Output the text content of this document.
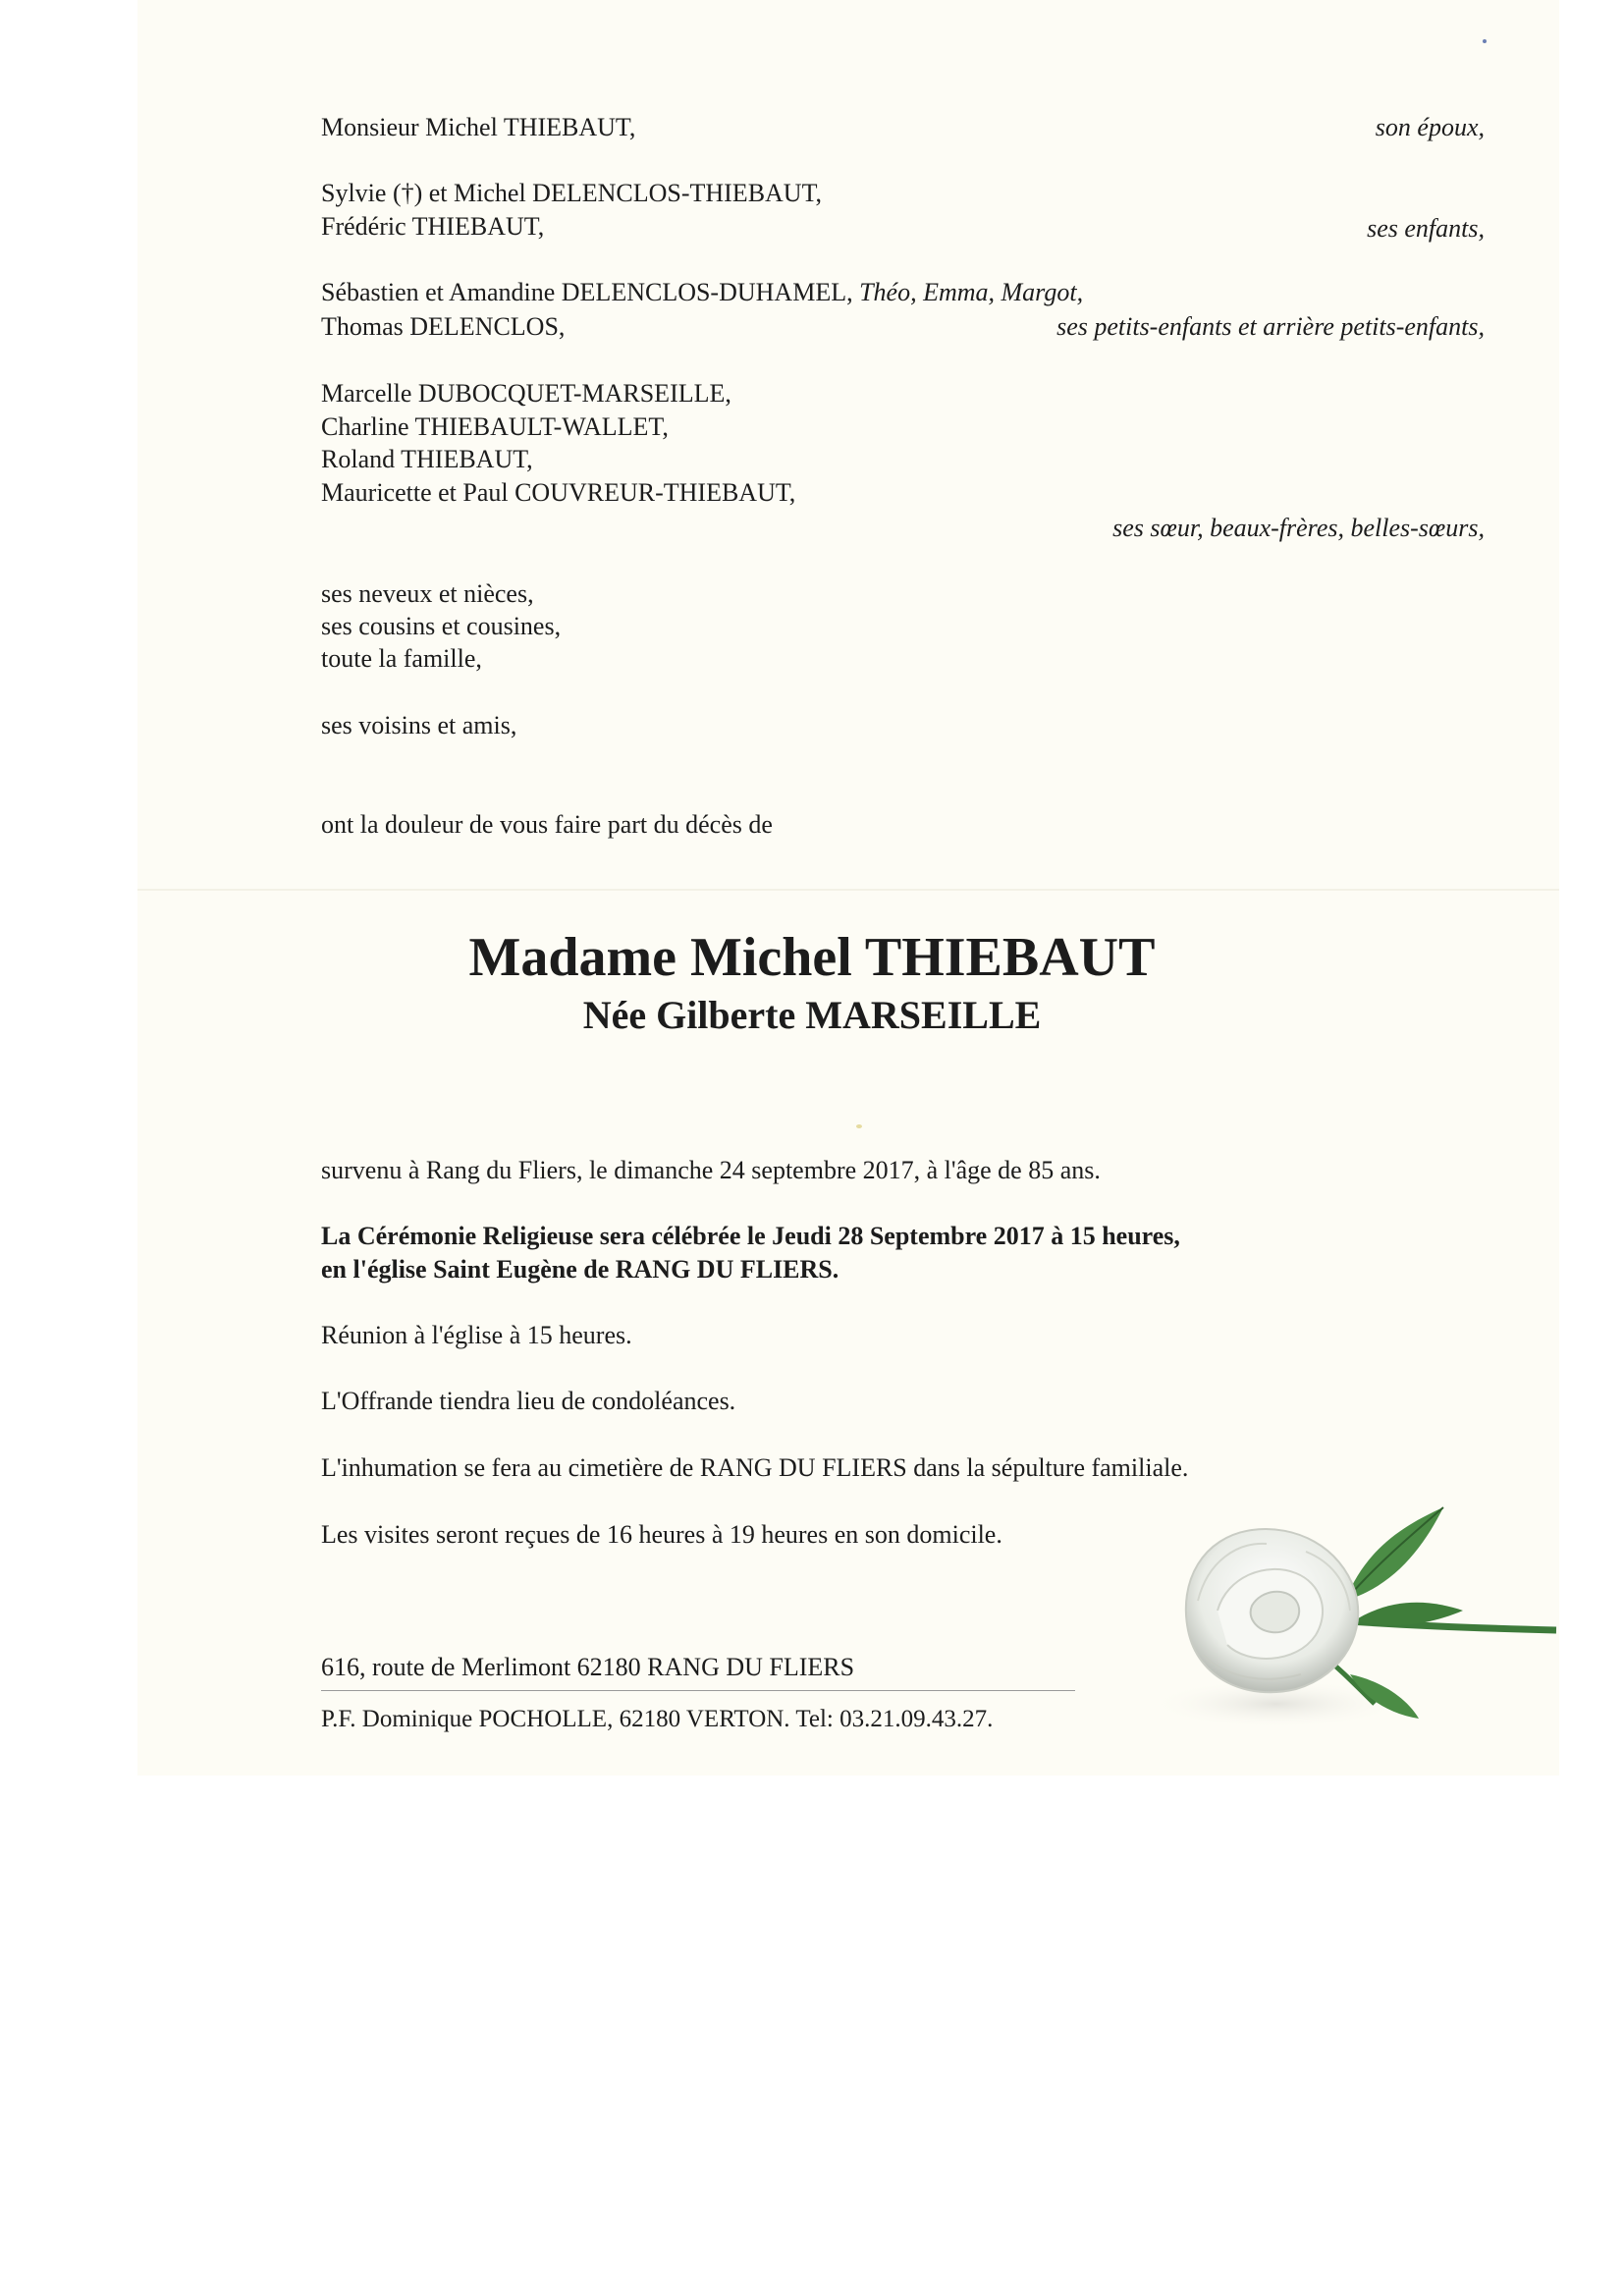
Monsieur Michel THIEBAUT,	son époux,
Sylvie (†) et Michel DELENCLOS-THIEBAUT,
Frédéric THIEBAUT,	ses enfants,
Sébastien et Amandine DELENCLOS-DUHAMEL, Théo, Emma, Margot,
Thomas DELENCLOS,	ses petits-enfants et arrière petits-enfants,
Marcelle DUBOCQUET-MARSEILLE,
Charline THIEBAULT-WALLET,
Roland THIEBAUT,
Mauricette et Paul COUVREUR-THIEBAUT,
ses sœur, beaux-frères, belles-sœurs,
ses neveux et nièces,
ses cousins et cousines,
toute la famille,
ses voisins et amis,
ont la douleur de vous faire part du décès de
Madame Michel THIEBAUT
Née Gilberte MARSEILLE
survenu à Rang du Fliers, le dimanche 24 septembre 2017, à l'âge de 85 ans.
La Cérémonie Religieuse sera célébrée le Jeudi 28 Septembre 2017 à 15 heures,
en l'église Saint Eugène de RANG DU FLIERS.
Réunion à l'église à 15 heures.
L'Offrande tiendra lieu de condoléances.
L'inhumation se fera au cimetière de RANG DU FLIERS dans la sépulture familiale.
Les visites seront reçues de 16 heures à 19 heures en son domicile.
616, route de Merlimont 62180 RANG DU FLIERS
P.F. Dominique POCHOLLE, 62180 VERTON. Tel: 03.21.09.43.27.
